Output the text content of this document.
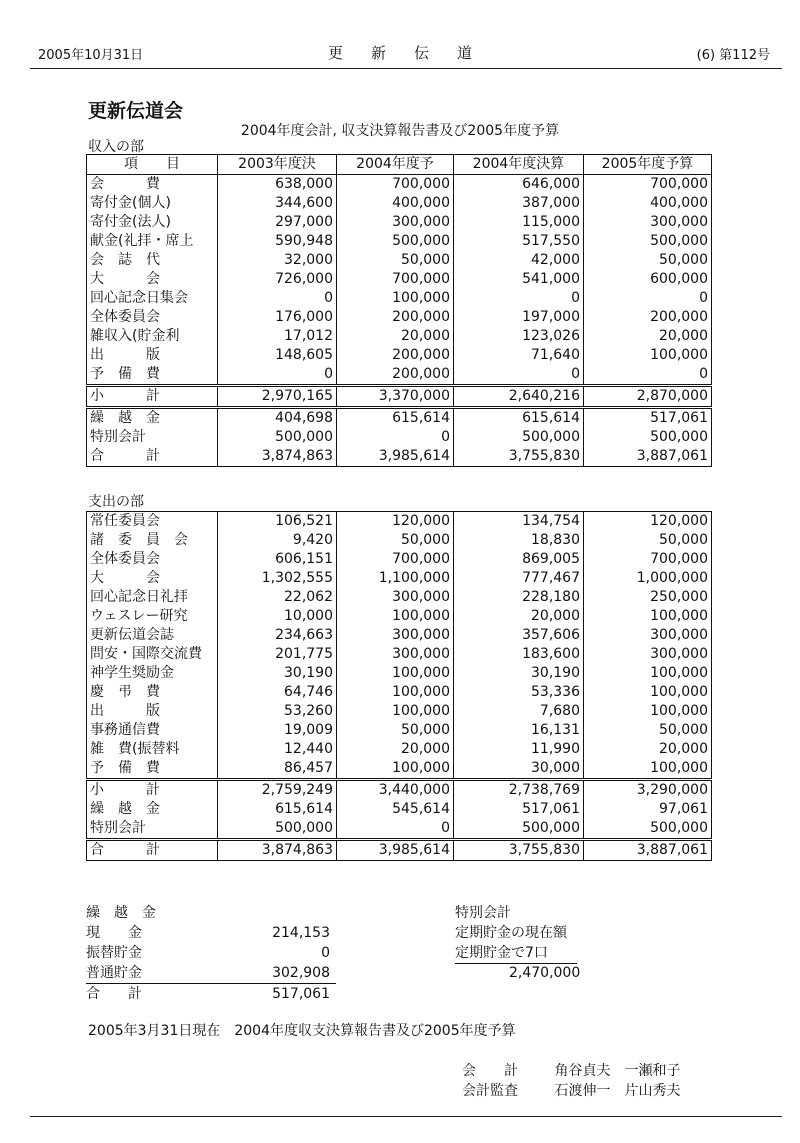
2005年10月31日	更新伝道	(6) 第112号
更新伝道会
2004年度会計, 収支決算報告書及び2005年度予算
収入の部
項　　目	2003年度決	2004年度予	2004年度決算	2005年度予算
会　　　費	638,000	700,000	646,000	700,000
寄付金(個人)	344,600	400,000	387,000	400,000
寄付金(法人)	297,000	300,000	115,000	300,000
献金(礼拝・席上	590,948	500,000	517,550	500,000
会　誌　代	32,000	50,000	42,000	50,000
大　　　会	726,000	700,000	541,000	600,000
回心記念日集会	0	100,000	0	0
全体委員会	176,000	200,000	197,000	200,000
雑収入(貯金利	17,012	20,000	123,026	20,000
出　　　版	148,605	200,000	71,640	100,000
予　備　費	0	200,000	0	0
小　　　計	2,970,165	3,370,000	2,640,216	2,870,000
繰　越　金	404,698	615,614	615,614	517,061
特別会計	500,000	0	500,000	500,000
合　　　計	3,874,863	3,985,614	3,755,830	3,887,061
支出の部
常任委員会	106,521	120,000	134,754	120,000
諸　委　員　会	9,420	50,000	18,830	50,000
全体委員会	606,151	700,000	869,005	700,000
大　　　会	1,302,555	1,100,000	777,467	1,000,000
回心記念日礼拝	22,062	300,000	228,180	250,000
ウェスレー研究	10,000	100,000	20,000	100,000
更新伝道会誌	234,663	300,000	357,606	300,000
問安・国際交流費	201,775	300,000	183,600	300,000
神学生奨励金	30,190	100,000	30,190	100,000
慶　弔　費	64,746	100,000	53,336	100,000
出　　　版	53,260	100,000	7,680	100,000
事務通信費	19,009	50,000	16,131	50,000
雑　費(振替料	12,440	20,000	11,990	20,000
予　備　費	86,457	100,000	30,000	100,000
小　　　計	2,759,249	3,440,000	2,738,769	3,290,000
繰　越　金	615,614	545,614	517,061	97,061
特別会計	500,000	0	500,000	500,000
合　　　計	3,874,863	3,985,614	3,755,830	3,887,061
繰　越　金
現　　金	214,153
振替貯金	0
普通貯金	302,908
合　　計	517,061
特別会計
定期貯金の現在額
定期貯金で7口
2,470,000
2005年3月31日現在　2004年度収支決算報告書及び2005年度予算
会　　計	角谷貞夫　一瀬和子
会計監査	石渡伸一　片山秀夫
